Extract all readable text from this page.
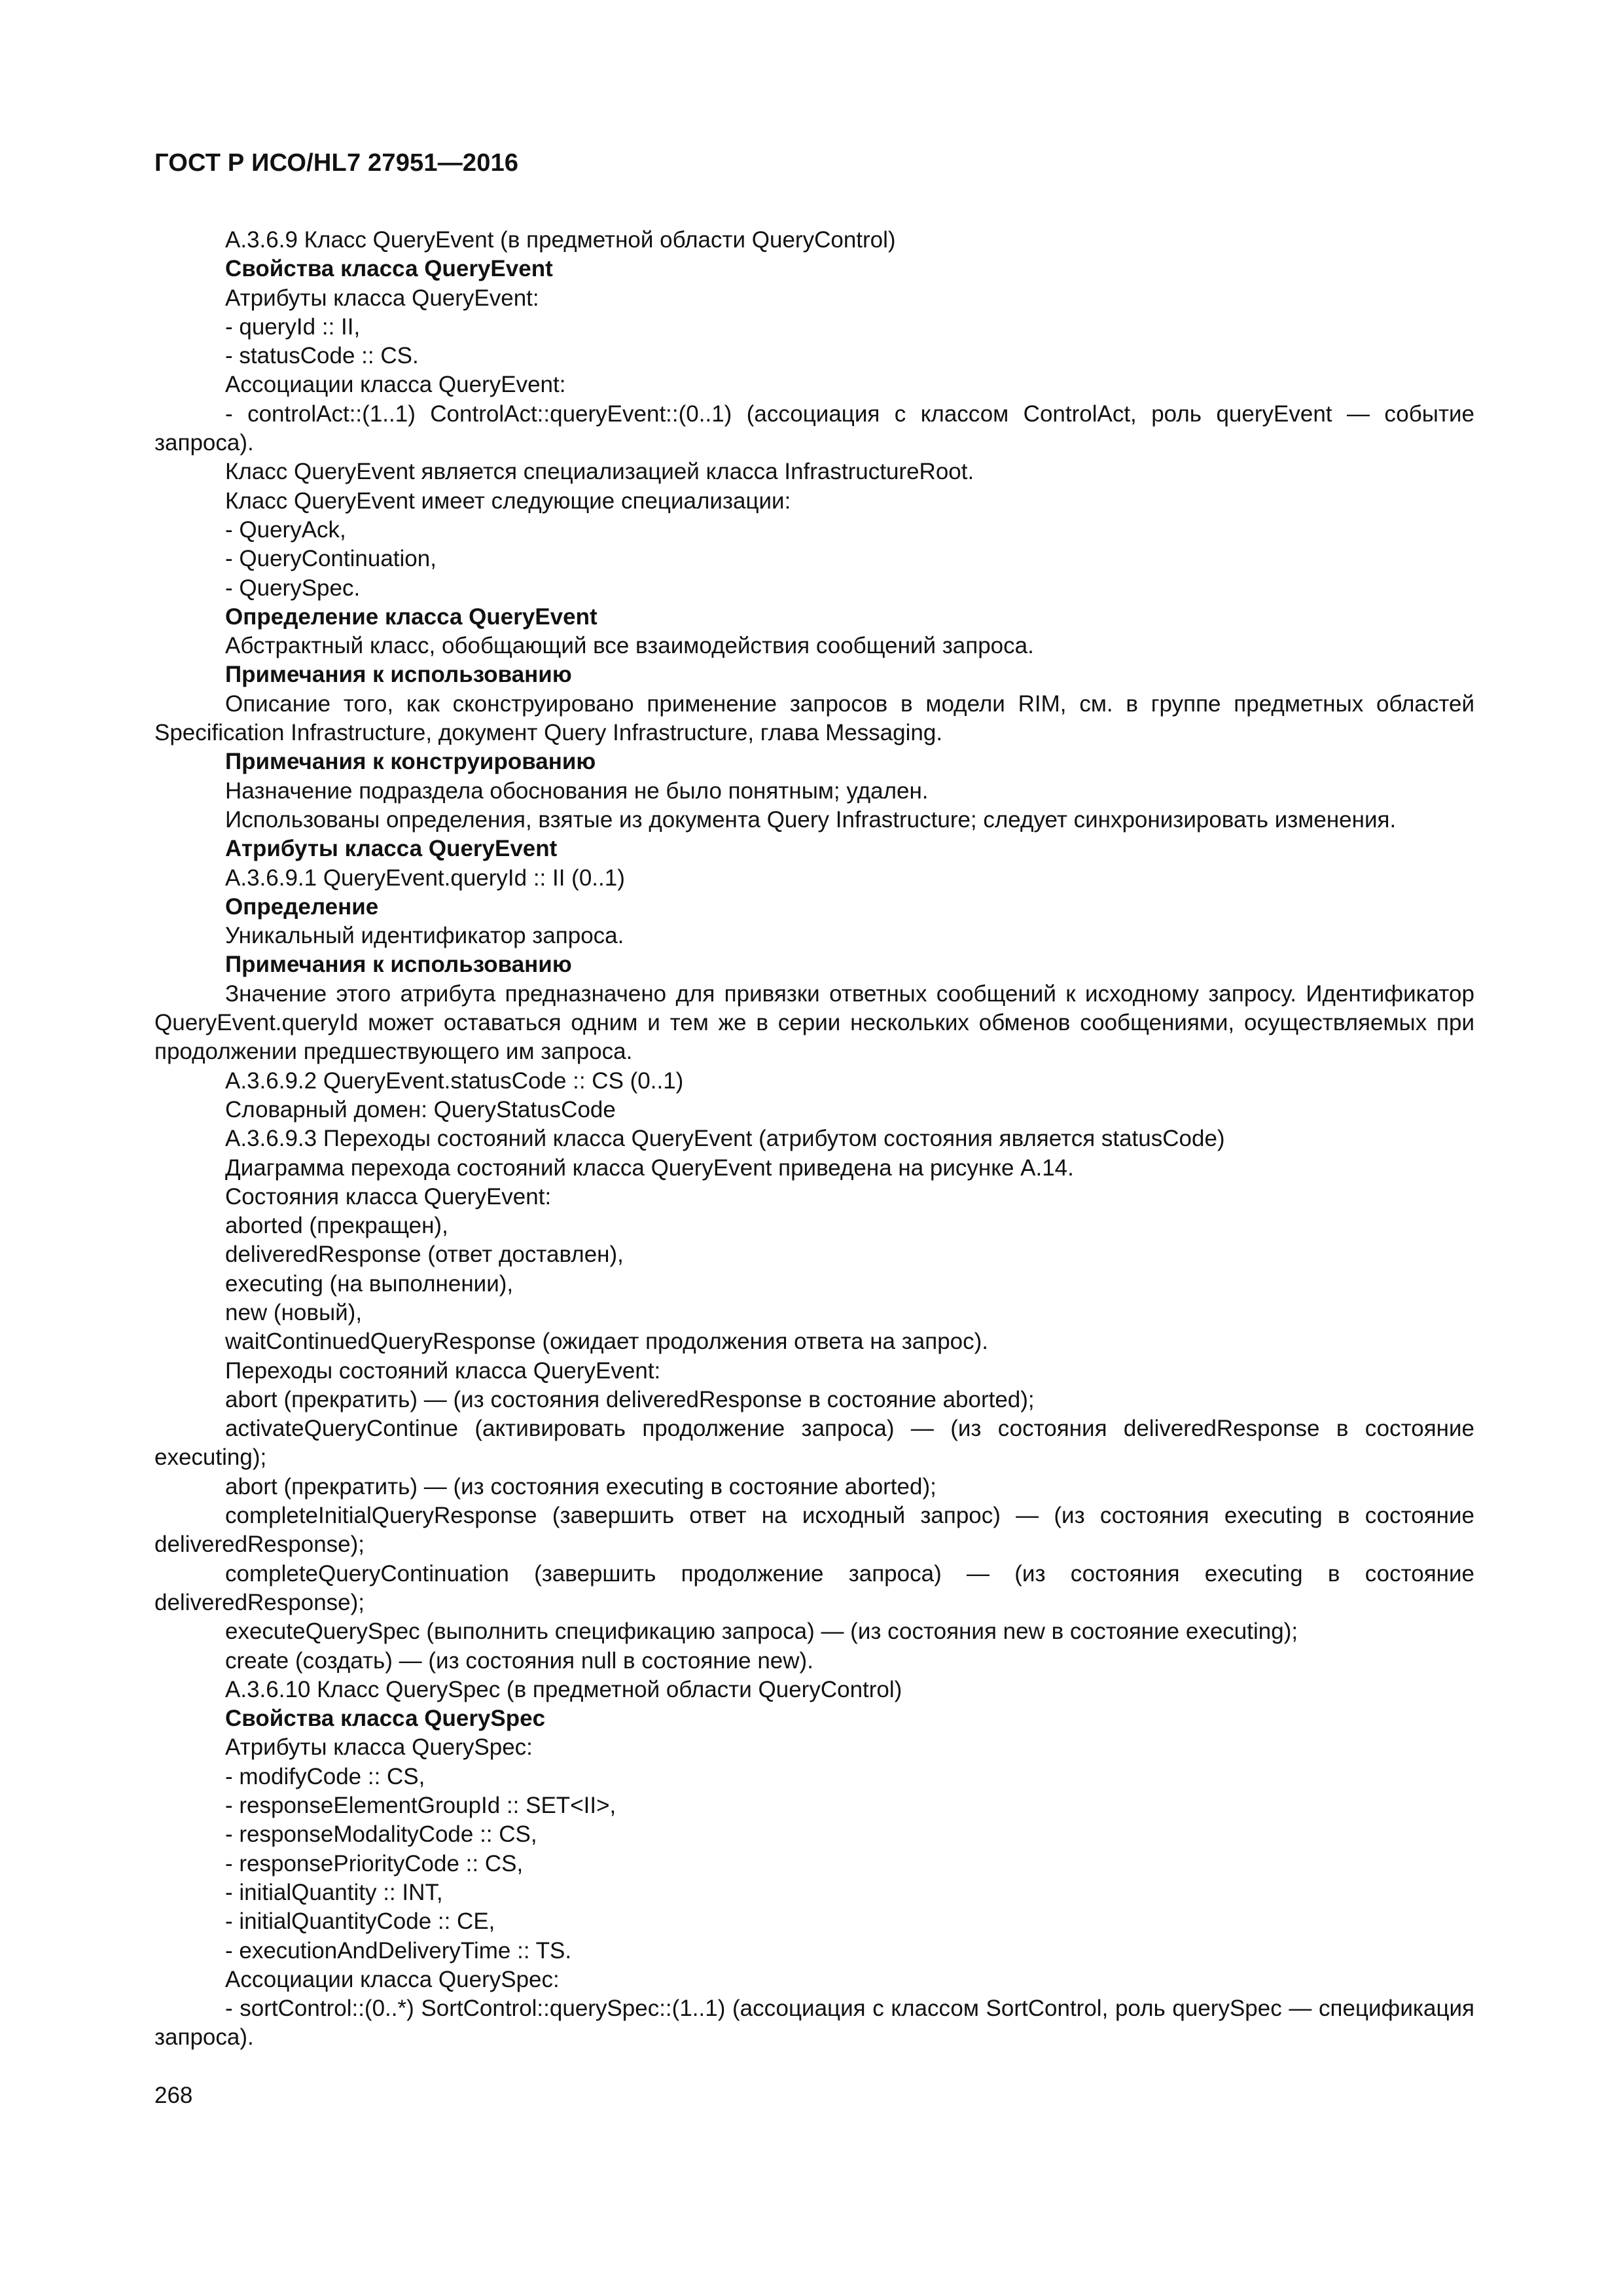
ГОСТ Р ИСО/HL7 27951—2016

А.3.6.9 Класс QueryEvent (в предметной области QueryControl)

Свойства класса QueryEvent

Атрибуты класса QueryEvent:

- queryId :: II,

- statusCode :: CS.

Ассоциации класса QueryEvent:

- controlAct::(1..1) ControlAct::queryEvent::(0..1) (ассоциация с классом ControlAct, роль queryEvent — событие запроса).

Класс QueryEvent является специализацией класса InfrastructureRoot.

Класс QueryEvent имеет следующие специализации:

- QueryAck,

- QueryContinuation,

- QuerySpec.

Определение класса QueryEvent

Абстрактный класс, обобщающий все взаимодействия сообщений запроса.

Примечания к использованию

Описание того, как сконструировано применение запросов в модели RIM, см. в группе предметных областей Specification Infrastructure, документ Query Infrastructure, глава Messaging.

Примечания к конструированию

Назначение подраздела обоснования не было понятным; удален.

Использованы определения, взятые из документа Query Infrastructure; следует синхронизировать изменения.

Атрибуты класса QueryEvent

А.3.6.9.1 QueryEvent.queryId :: II (0..1)

Определение

Уникальный идентификатор запроса.

Примечания к использованию

Значение этого атрибута предназначено для привязки ответных сообщений к исходному запросу. Идентификатор QueryEvent.queryId может оставаться одним и тем же в серии нескольких обменов сообщениями, осуществляемых при продолжении предшествующего им запроса.

А.3.6.9.2 QueryEvent.statusCode :: CS (0..1)

Словарный домен: QueryStatusCode

А.3.6.9.3 Переходы состояний класса QueryEvent (атрибутом состояния является statusCode)

Диаграмма перехода состояний класса QueryEvent приведена на рисунке А.14.

Состояния класса QueryEvent:

aborted (прекращен),

deliveredResponse (ответ доставлен),

executing (на выполнении),

new (новый),

waitContinuedQueryResponse (ожидает продолжения ответа на запрос).

Переходы состояний класса QueryEvent:

abort (прекратить) — (из состояния deliveredResponse в состояние aborted);

activateQueryContinue (активировать продолжение запроса) — (из состояния deliveredResponse в состояние executing);

abort (прекратить) — (из состояния executing в состояние aborted);

completeInitialQueryResponse (завершить ответ на исходный запрос) — (из состояния executing в состояние deliveredResponse);

completeQueryContinuation (завершить продолжение запроса) — (из состояния executing в состояние deliveredResponse);

executeQuerySpec (выполнить спецификацию запроса) — (из состояния new в состояние executing);

create (создать) — (из состояния null в состояние new).

А.3.6.10 Класс QuerySpec (в предметной области QueryControl)

Свойства класса QuerySpec

Атрибуты класса QuerySpec:

- modifyCode :: CS,

- responseElementGroupId :: SET<II>,

- responseModalityCode :: CS,

- responsePriorityCode :: CS,

- initialQuantity :: INT,

- initialQuantityCode :: CE,

- executionAndDeliveryTime :: TS.

Ассоциации класса QuerySpec:

- sortControl::(0..*) SortControl::querySpec::(1..1) (ассоциация с классом SortControl, роль querySpec — спецификация запроса).

268
